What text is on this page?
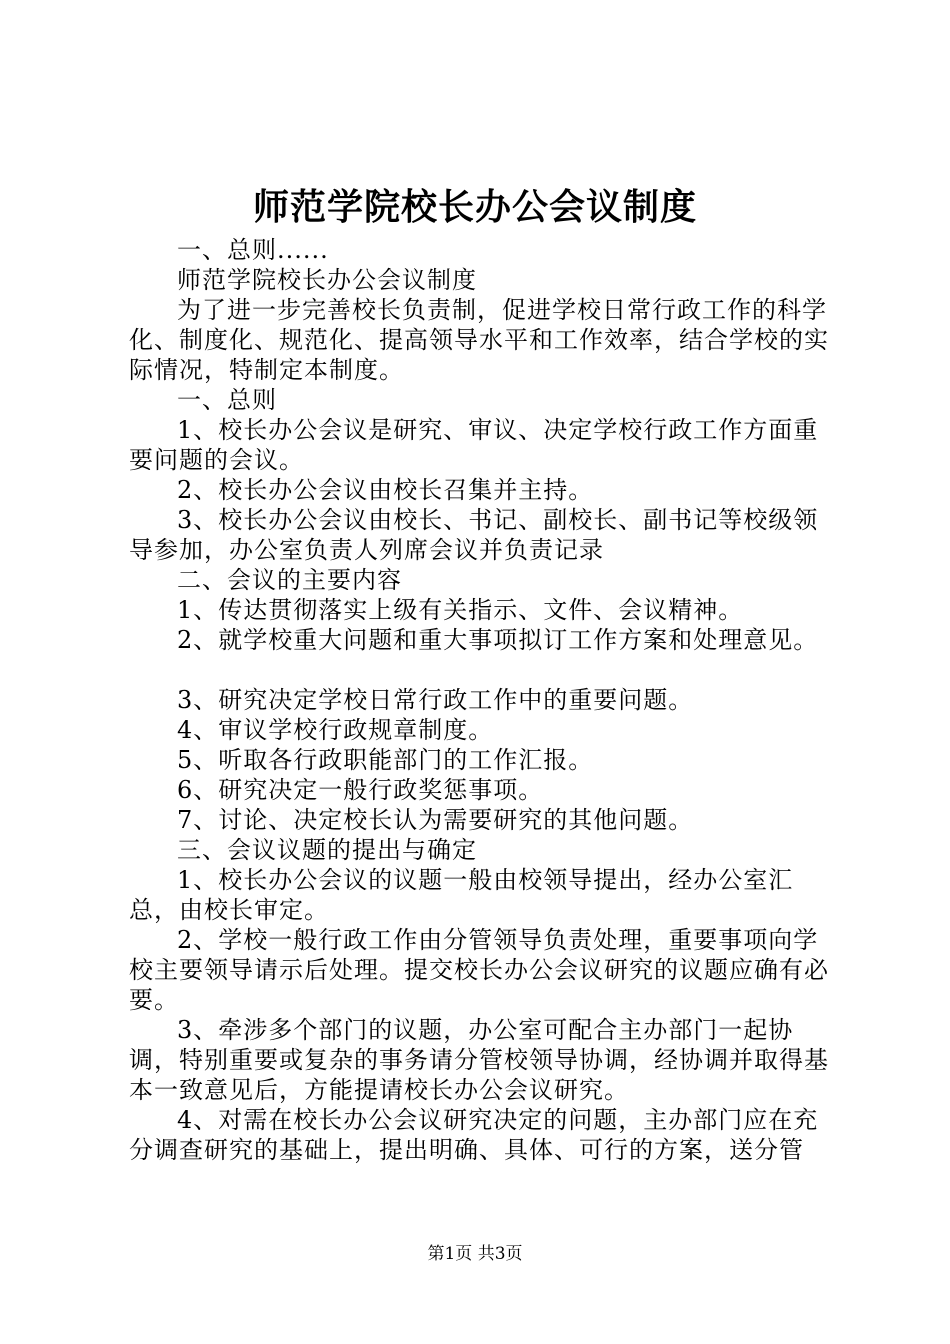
师范学院校长办公会议制度

一、总则......

师范学院校长办公会议制度

为了进一步完善校长负责制，促进学校日常行政工作的科学化、制度化、规范化、提高领导水平和工作效率，结合学校的实际情况，特制定本制度。

一、总则

1、校长办公会议是研究、审议、决定学校行政工作方面重要问题的会议。

2、校长办公会议由校长召集并主持。

3、校长办公会议由校长、书记、副校长、副书记等校级领导参加，办公室负责人列席会议并负责记录

二、会议的主要内容

1、传达贯彻落实上级有关指示、文件、会议精神。

2、就学校重大问题和重大事项拟订工作方案和处理意见。

3、研究决定学校日常行政工作中的重要问题。

4、审议学校行政规章制度。

5、听取各行政职能部门的工作汇报。

6、研究决定一般行政奖惩事项。

7、讨论、决定校长认为需要研究的其他问题。

三、会议议题的提出与确定

1、校长办公会议的议题一般由校领导提出，经办公室汇总，由校长审定。

2、学校一般行政工作由分管领导负责处理，重要事项向学校主要领导请示后处理。提交校长办公会议研究的议题应确有必要。

3、牵涉多个部门的议题，办公室可配合主办部门一起协调，特别重要或复杂的事务请分管校领导协调，经协调并取得基本一致意见后，方能提请校长办公会议研究。

4、对需在校长办公会议研究决定的问题，主办部门应在充分调查研究的基础上，提出明确、具体、可行的方案，送分管

第1页 共3页
